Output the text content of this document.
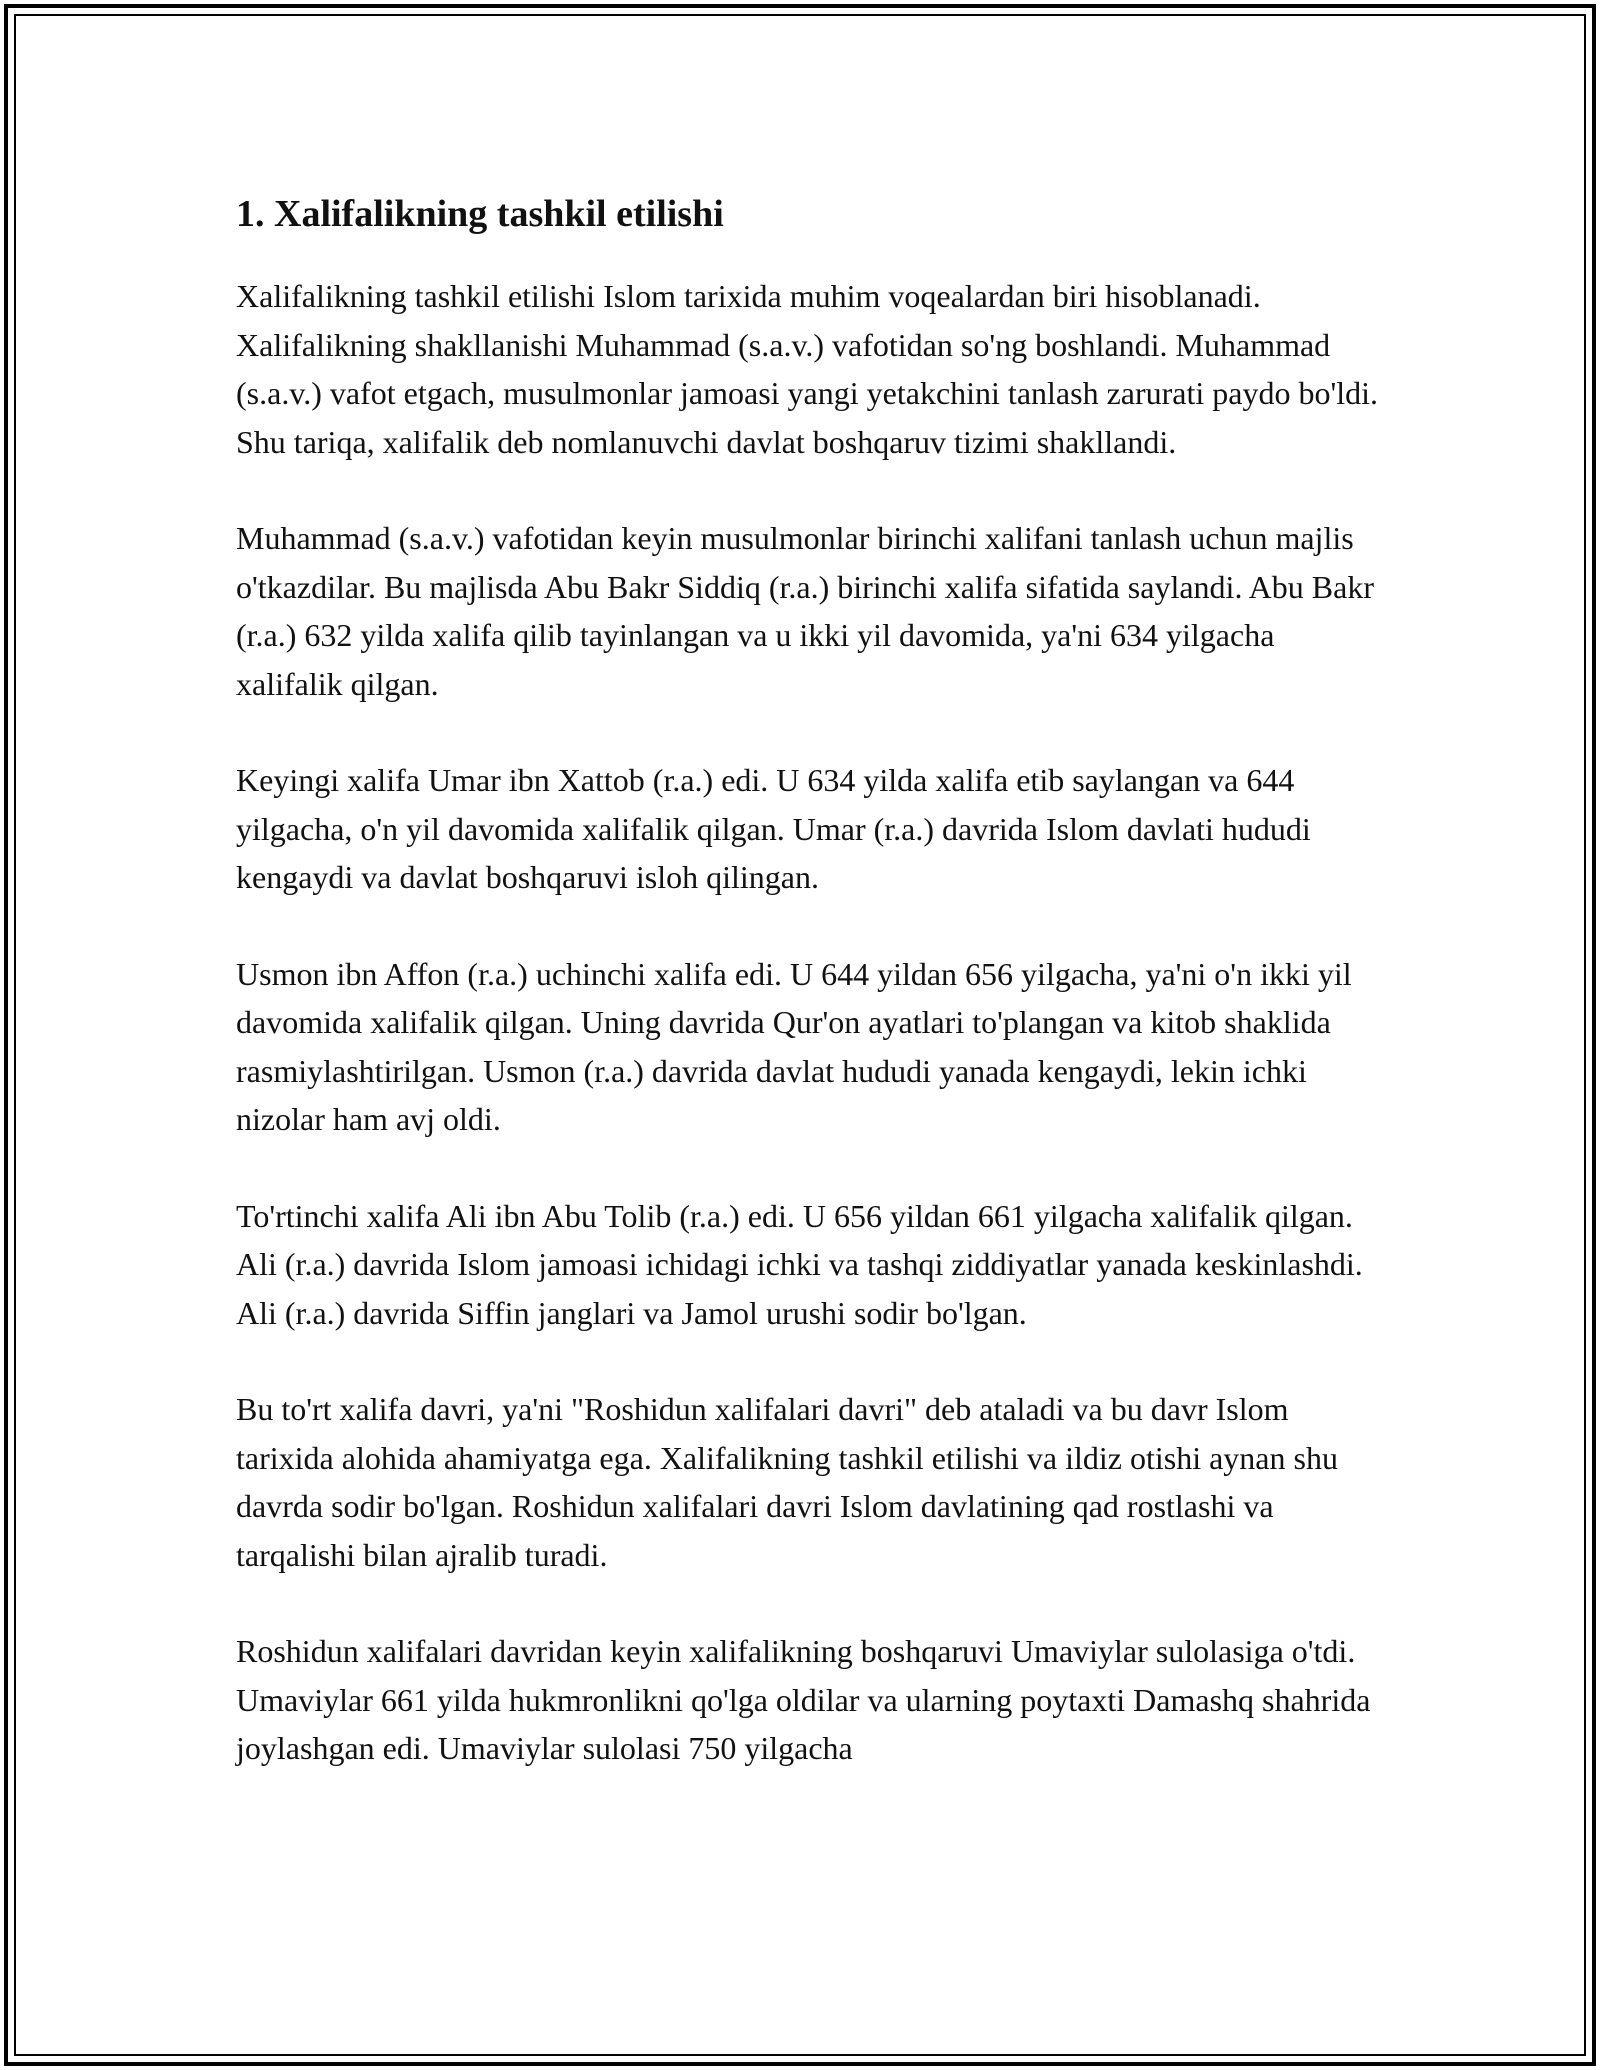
1. Xalifalikning tashkil etilishi

Xalifalikning tashkil etilishi Islom tarixida muhim voqealardan biri hisoblanadi. Xalifalikning shakllanishi Muhammad (s.a.v.) vafotidan so'ng boshlandi. Muhammad (s.a.v.) vafot etgach, musulmonlar jamoasi yangi yetakchini tanlash zarurati paydo bo'ldi. Shu tariqa, xalifalik deb nomlanuvchi davlat boshqaruv tizimi shakllandi.

Muhammad (s.a.v.) vafotidan keyin musulmonlar birinchi xalifani tanlash uchun majlis o'tkazdilar. Bu majlisda Abu Bakr Siddiq (r.a.) birinchi xalifa sifatida saylandi. Abu Bakr (r.a.) 632 yilda xalifa qilib tayinlangan va u ikki yil davomida, ya'ni 634 yilgacha xalifalik qilgan.

Keyingi xalifa Umar ibn Xattob (r.a.) edi. U 634 yilda xalifa etib saylangan va 644 yilgacha, o'n yil davomida xalifalik qilgan. Umar (r.a.) davrida Islom davlati hududi kengaydi va davlat boshqaruvi isloh qilingan.

Usmon ibn Affon (r.a.) uchinchi xalifa edi. U 644 yildan 656 yilgacha, ya'ni o'n ikki yil davomida xalifalik qilgan. Uning davrida Qur'on ayatlari to'plangan va kitob shaklida rasmiylashtirilgan. Usmon (r.a.) davrida davlat hududi yanada kengaydi, lekin ichki nizolar ham avj oldi.

To'rtinchi xalifa Ali ibn Abu Tolib (r.a.) edi. U 656 yildan 661 yilgacha xalifalik qilgan. Ali (r.a.) davrida Islom jamoasi ichidagi ichki va tashqi ziddiyatlar yanada keskinlashdi. Ali (r.a.) davrida Siffin janglari va Jamol urushi sodir bo'lgan.

Bu to'rt xalifa davri, ya'ni "Roshidun xalifalari davri" deb ataladi va bu davr Islom tarixida alohida ahamiyatga ega. Xalifalikning tashkil etilishi va ildiz otishi aynan shu davrda sodir bo'lgan. Roshidun xalifalari davri Islom davlatining qad rostlashi va tarqalishi bilan ajralib turadi.

Roshidun xalifalari davridan keyin xalifalikning boshqaruvi Umaviylar sulolasiga o'tdi. Umaviylar 661 yilda hukmronlikni qo'lga oldilar va ularning poytaxti Damashq shahrida joylashgan edi. Umaviylar sulolasi 750 yilgacha
